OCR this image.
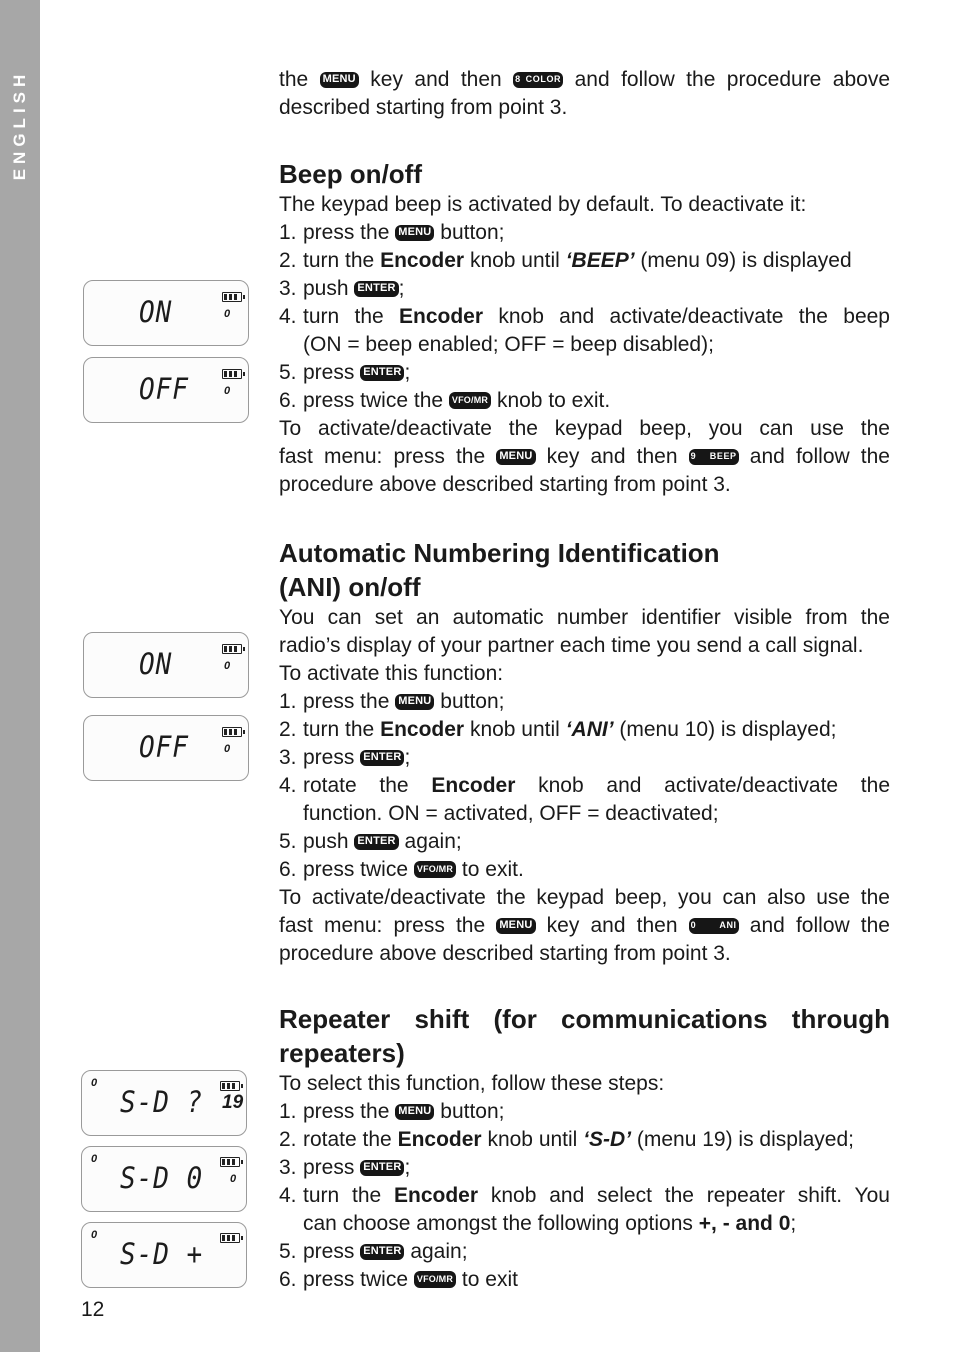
ENGLISH
ON	0
OFF	0
ON	0
OFF	0
0
S-D ? 19
0
S-D 0 0
0
S-D +

the MENU key and then 8 COLOR and follow the procedure above

described starting from point 3.

Beep on/off

The keypad beep is activated by default. To deactivate it:

1. press the MENU button;

2. turn the Encoder knob until ‘BEEP’ (menu 09) is displayed

3. push ENTER ;

4. turn the Encoder knob and activate/deactivate the beep

(ON = beep enabled; OFF = beep disabled);

5. press ENTER ;

6. press twice the VFO/MR knob to exit.

To activate/deactivate the keypad beep, you can use the

fast menu: press the MENU key and then 9 BEEP and follow the

procedure above described starting from point 3.

Automatic Numbering Identification
(ANI) on/off

You can set an automatic number identifier visible from the

radio’s display of your partner each time you send a call signal.

To activate this function:

1. press the MENU button;

2. turn the Encoder knob until ‘ANI’ (menu 10) is displayed;

3. press ENTER ;

4. rotate the Encoder knob and activate/deactivate the

function. ON = activated, OFF = deactivated;

5. push ENTER again;

6. press twice VFO/MR to exit.

To activate/deactivate the keypad beep, you can also use the

fast menu: press the MENU key and then 0 ANI and follow the

procedure above described starting from point 3.

Repeater shift (for communications through
repeaters)

To select this function, follow these steps:

1. press the MENU button;

2. rotate the Encoder knob until ‘S-D’ (menu 19) is displayed;

3. press ENTER ;

4. turn the Encoder knob and select the repeater shift. You

can choose amongst the following options +, - and 0;

5. press ENTER again;

6. press twice VFO/MR to exit

12
